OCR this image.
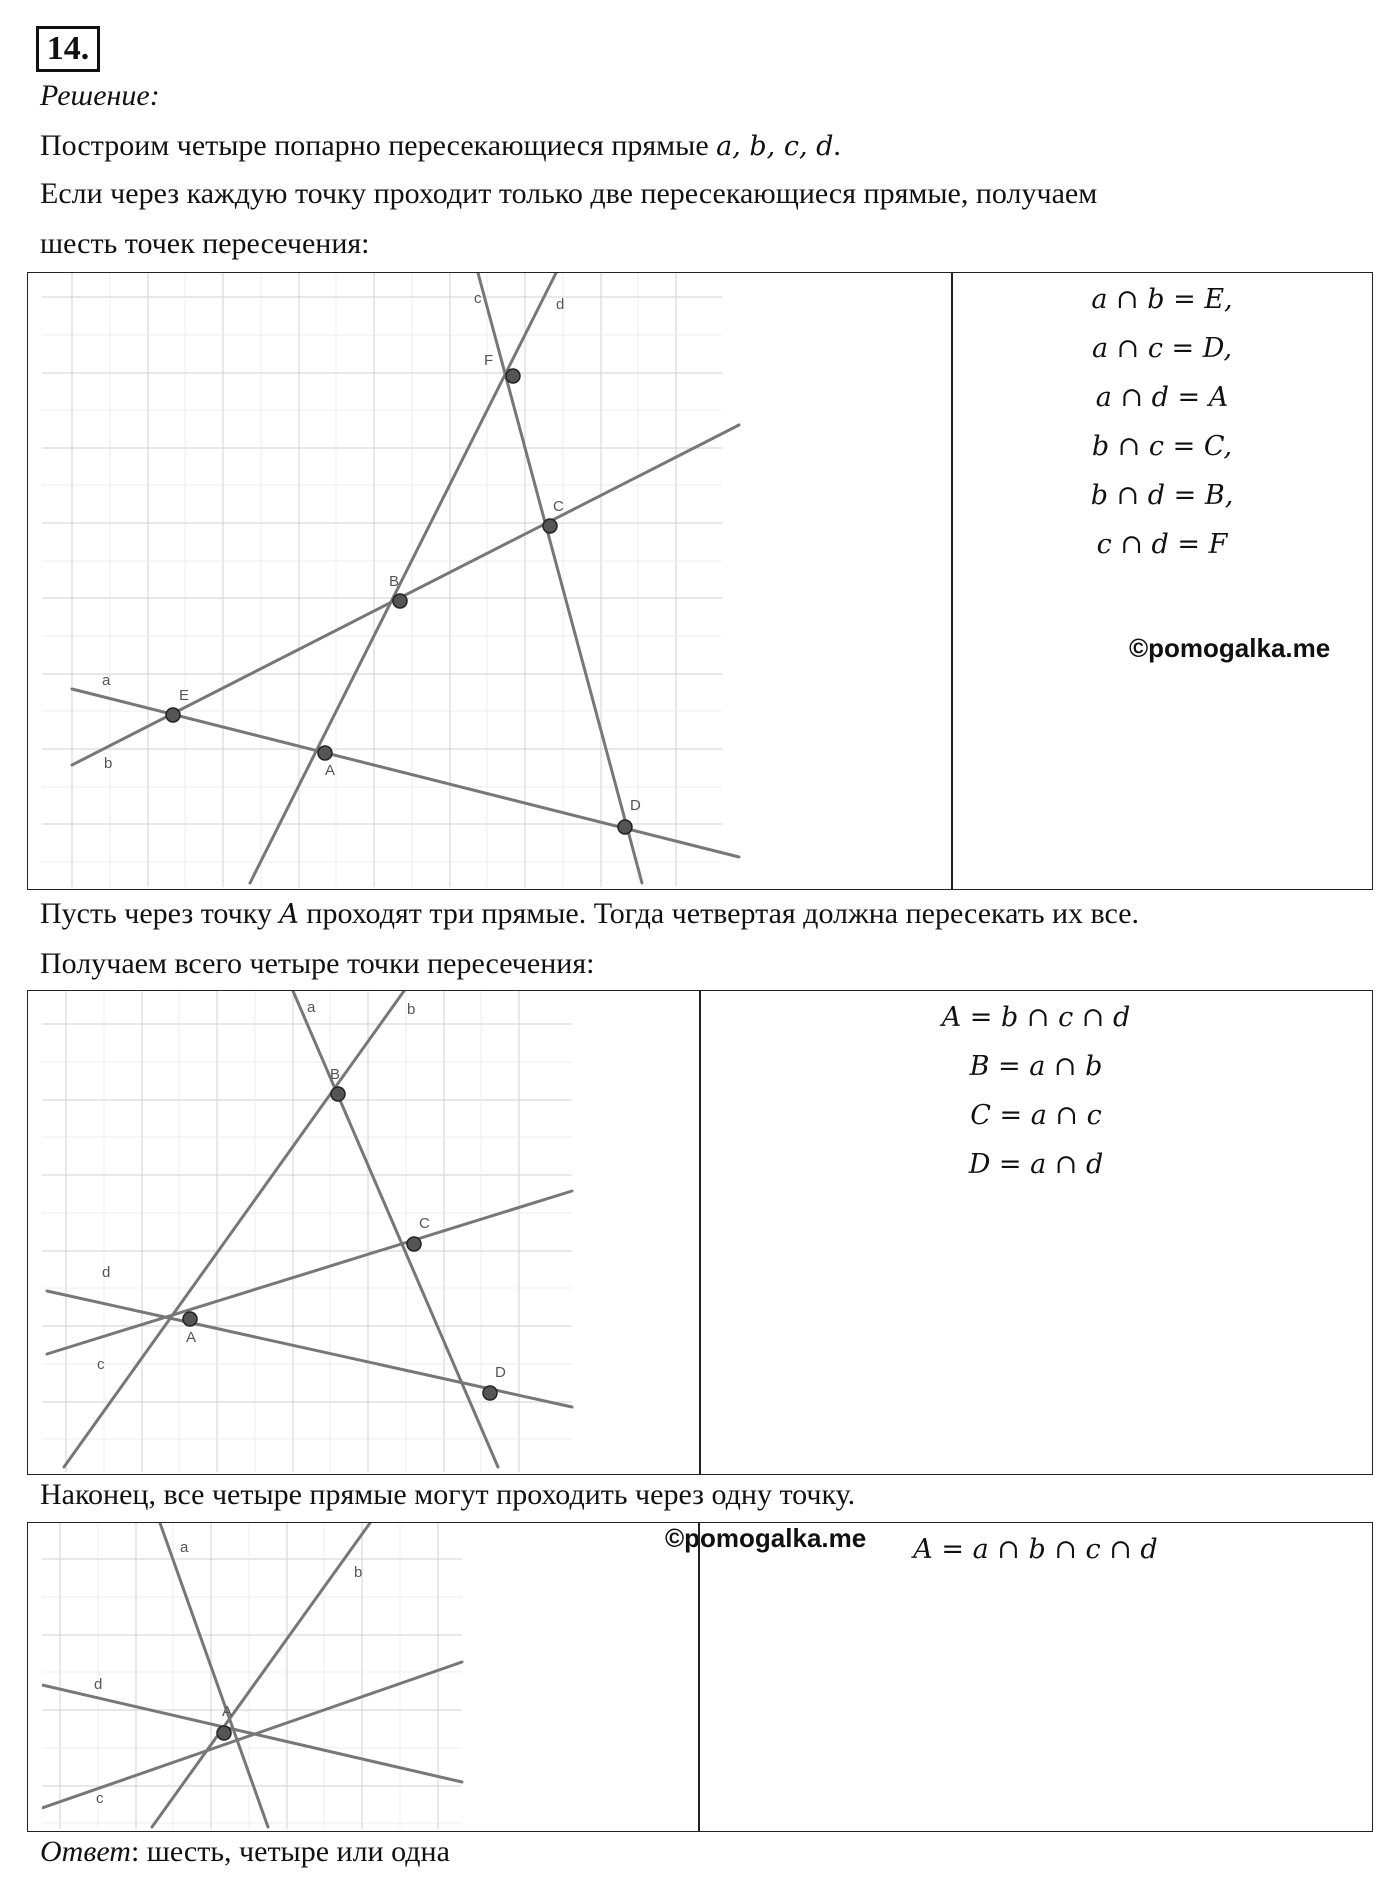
14.
Решение:
Построим четыре попарно пересекающиеся прямые a, b, c, d.
Если через каждую точку проходит только две пересекающиеся прямые, получаем
шесть точек пересечения:
a
b
c	d
A
B
C
D
E
F
a ∩ b = E,
a ∩ c = D,
a ∩ d = A
b ∩ c = C,
b ∩ d = B,
c ∩ d = F
©pomogalka.me
Пусть через точку A проходят три прямые. Тогда четвертая должна пересекать их все.
Получаем всего четыре точки пересечения:
a	b
c
d
A
B
C
D
A = b ∩ c ∩ d
B = a ∩ b
C = a ∩ c
D = a ∩ d
Наконец, все четыре прямые могут проходить через одну точку.
a
b
c
d
A
©pomogalka.me	A = a ∩ b ∩ c ∩ d
Ответ: шесть, четыре или одна
